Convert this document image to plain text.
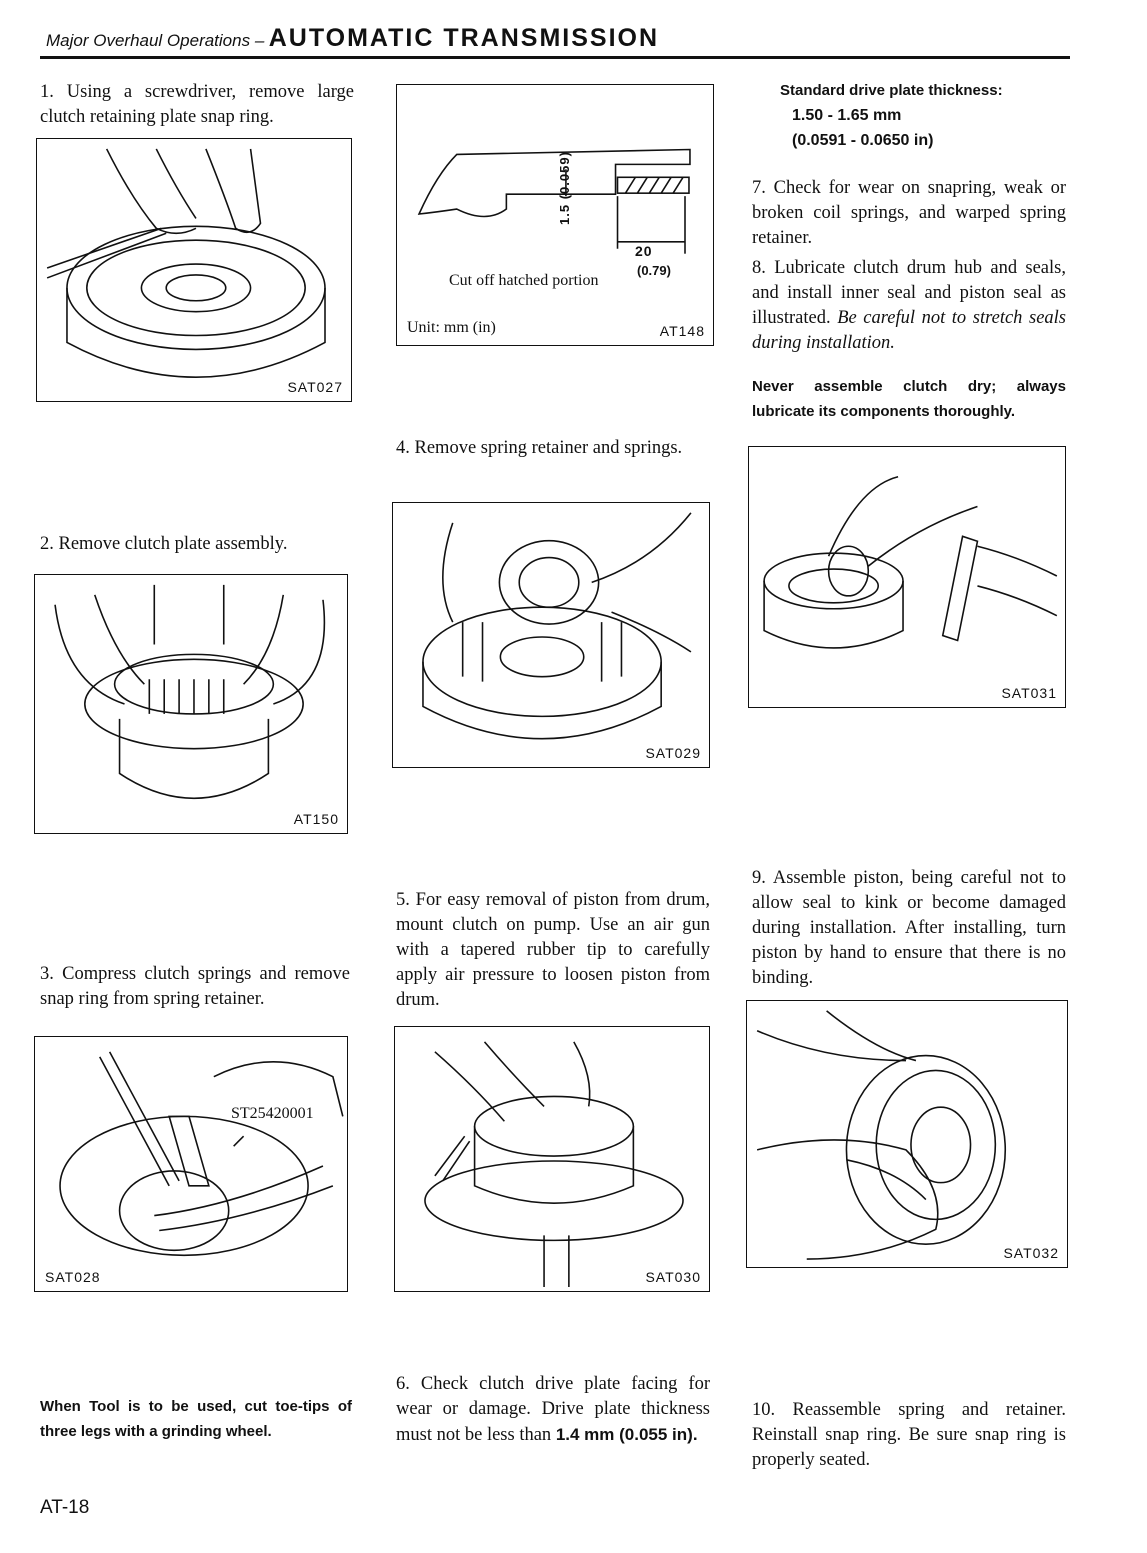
Major Overhaul Operations – AUTOMATIC TRANSMISSION
1. Using a screwdriver, remove large clutch retaining plate snap ring.
SAT027
2. Remove clutch plate assembly.
AT150
3. Compress clutch springs and remove snap ring from spring retainer.
SAT028
ST25420001
When Tool is to be used, cut toe-tips of three legs with a grinding wheel.
1.5 (0.059)
20
(0.79)
Cut off hatched portion
Unit: mm (in)	AT148
4. Remove spring retainer and springs.
SAT029
5. For easy removal of piston from drum, mount clutch on pump. Use an air gun with a tapered rubber tip to carefully apply air pressure to loosen piston from drum.
SAT030
6. Check clutch drive plate facing for wear or damage. Drive plate thickness must not be less than 1.4 mm (0.055 in).
Standard drive plate thickness:
1.50 - 1.65 mm
(0.0591 - 0.0650 in)
7. Check for wear on snapring, weak or broken coil springs, and warped spring retainer.
8. Lubricate clutch drum hub and seals, and install inner seal and piston seal as illustrated. Be careful not to stretch seals during installation.
Never assemble clutch dry; always lubricate its components thoroughly.
SAT031
9. Assemble piston, being careful not to allow seal to kink or become damaged during installation. After installing, turn piston by hand to ensure that there is no binding.
SAT032
10. Reassemble spring and retainer. Reinstall snap ring. Be sure snap ring is properly seated.
AT-18
